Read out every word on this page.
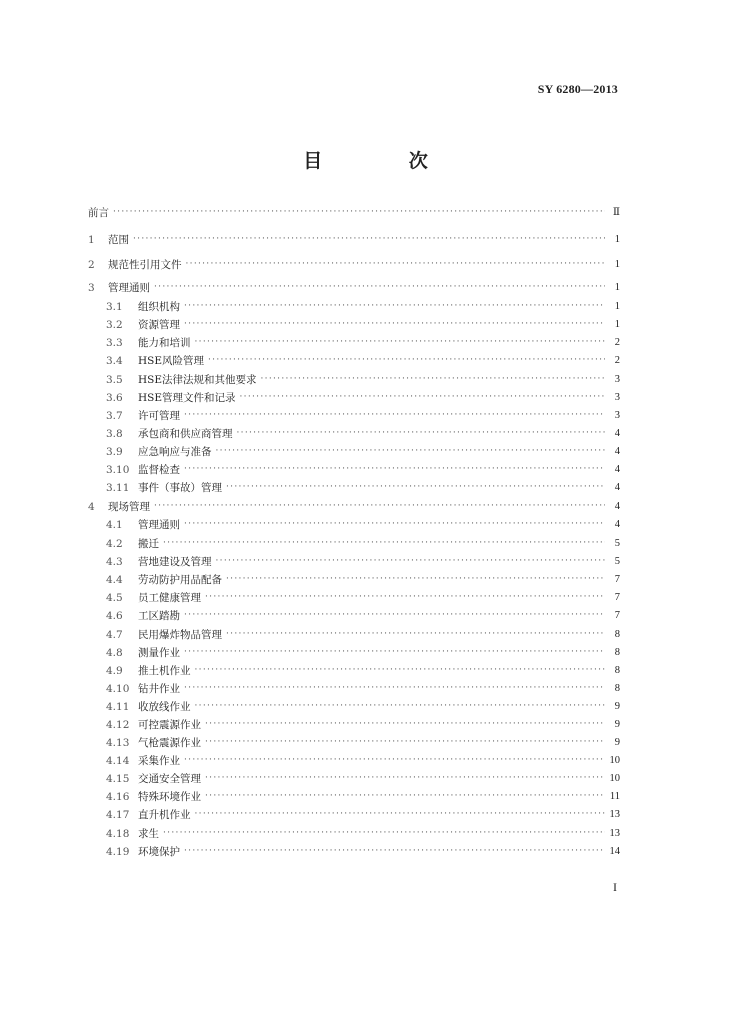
SY 6280—2013
目 次
前言 ·····	Ⅱ
1	范围 ·····	1
2	规范性引用文件 ·····	1
3	管理通则 ·····	1
3.1	组织机构 ·····	1
3.2	资源管理 ·····	1
3.3	能力和培训 ·····	2
3.4	HSE风险管理 ·····	2
3.5	HSE法律法规和其他要求 ·····	3
3.6	HSE管理文件和记录 ·····	3
3.7	许可管理 ·····	3
3.8	承包商和供应商管理 ·····	4
3.9	应急响应与准备 ·····	4
3.10 监督检查 ·····	4
3.11 事件（事故）管理 ·····	4
4	现场管理 ·····	4
4.1	管理通则 ·····	4
4.2	搬迁 ·····	5
4.3	营地建设及管理 ·····	5
4.4	劳动防护用品配备 ·····	7
4.5	员工健康管理 ·····	7
4.6	工区踏勘 ·····	7
4.7	民用爆炸物品管理 ·····	8
4.8	测量作业 ·····	8
4.9	推土机作业 ·····	8
4.10 钻井作业 ·····	8
4.11 收放线作业 ·····	9
4.12 可控震源作业 ·····	9
4.13 气枪震源作业 ·····	9
4.14 采集作业 ·····	10
4.15 交通安全管理 ·····	10
4.16 特殊环境作业 ·····	11
4.17 直升机作业 ·····	13
4.18 求生 ·····	13
4.19 环境保护 ·····	14
I
